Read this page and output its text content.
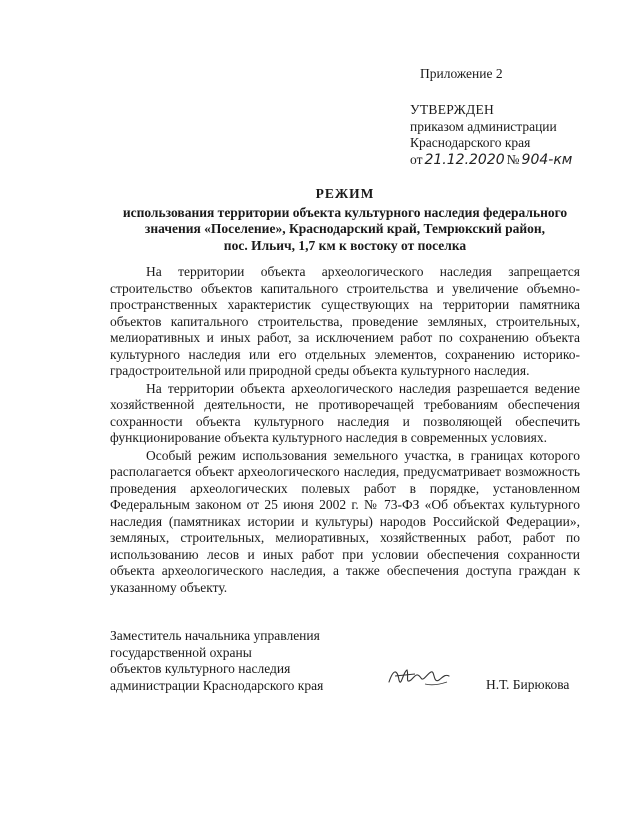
Приложение 2
УТВЕРЖДЕН
приказом администрации
Краснодарского края
от 21.12.2020 № 904-км
РЕЖИМ
использования территории объекта культурного наследия федерального
значения «Поселение», Краснодарский край, Темрюкский район,
пос. Ильич, 1,7 км к востоку от поселка

На территории объекта археологического наследия запрещается строительство объектов капитального строительства и увеличение объемно-пространственных характеристик существующих на территории памятника объектов капитального строительства, проведение земляных, строительных, мелиоративных и иных работ, за исключением работ по сохранению объекта культурного наследия или его отдельных элементов, сохранению историко-градостроительной или природной среды объекта культурного наследия.

На территории объекта археологического наследия разрешается ведение хозяйственной деятельности, не противоречащей требованиям обеспечения сохранности объекта культурного наследия и позволяющей обеспечить функционирование объекта культурного наследия в современных условиях.

Особый режим использования земельного участка, в границах которого располагается объект археологического наследия, предусматривает возможность проведения археологических полевых работ в порядке, установленном Федеральным законом от 25 июня 2002 г. № 73-ФЗ «Об объектах культурного наследия (памятниках истории и культуры) народов Российской Федерации», земляных, строительных, мелиоративных, хозяйственных работ, работ по использованию лесов и иных работ при условии обеспечения сохранности объекта археологического наследия, а также обеспечения доступа граждан к указанному объекту.

Заместитель начальника управления
государственной охраны
объектов культурного наследия
администрации Краснодарского края	Н.Т. Бирюкова
